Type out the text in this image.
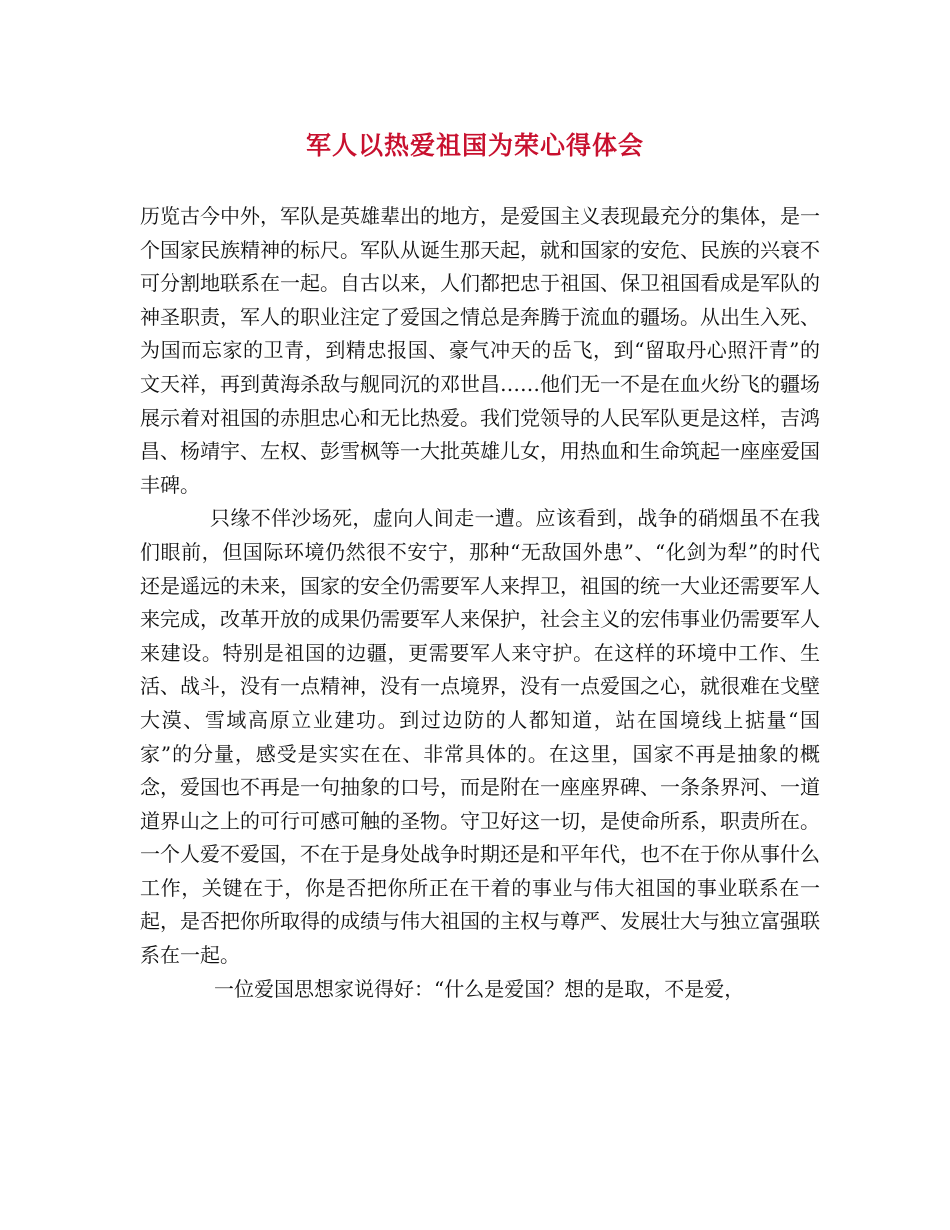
军人以热爱祖国为荣心得体会

历览古今中外，军队是英雄辈出的地方，是爱国主义表现最充分的集体，是一个国家民族精神的标尺。军队从诞生那天起，就和国家的安危、民族的兴衰不可分割地联系在一起。自古以来，人们都把忠于祖国、保卫祖国看成是军队的神圣职责，军人的职业注定了爱国之情总是奔腾于流血的疆场。从出生入死、为国而忘家的卫青，到精忠报国、豪气冲天的岳飞，到“留取丹心照汗青”的文天祥，再到黄海杀敌与舰同沉的邓世昌……他们无一不是在血火纷飞的疆场展示着对祖国的赤胆忠心和无比热爱。我们党领导的人民军队更是这样，吉鸿昌、杨靖宇、左权、彭雪枫等一大批英雄儿女，用热血和生命筑起一座座爱国丰碑。

只缘不伴沙场死，虚向人间走一遭。应该看到，战争的硝烟虽不在我们眼前，但国际环境仍然很不安宁，那种“无敌国外患”、“化剑为犁”的时代还是遥远的未来，国家的安全仍需要军人来捍卫，祖国的统一大业还需要军人来完成，改革开放的成果仍需要军人来保护，社会主义的宏伟事业仍需要军人来建设。特别是祖国的边疆，更需要军人来守护。在这样的环境中工作、生活、战斗，没有一点精神，没有一点境界，没有一点爱国之心，就很难在戈壁大漠、雪域高原立业建功。到过边防的人都知道，站在国境线上掂量“国家”的分量，感受是实实在在、非常具体的。在这里，国家不再是抽象的概念，爱国也不再是一句抽象的口号，而是附在一座座界碑、一条条界河、一道道界山之上的可行可感可触的圣物。守卫好这一切，是使命所系，职责所在。一个人爱不爱国，不在于是身处战争时期还是和平年代，也不在于你从事什么工作，关键在于，你是否把你所正在干着的事业与伟大祖国的事业联系在一起，是否把你所取得的成绩与伟大祖国的主权与尊严、发展壮大与独立富强联系在一起。

一位爱国思想家说得好：“什么是爱国？想的是取，不是爱，
